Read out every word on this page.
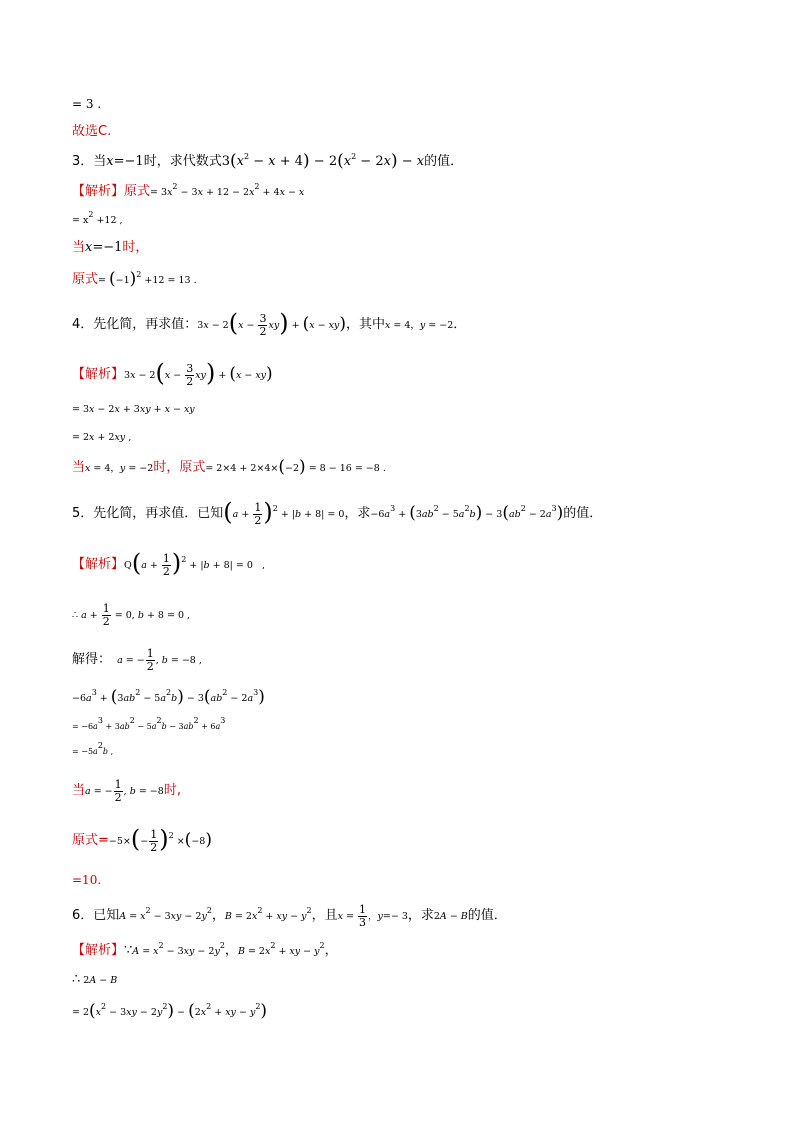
= 3 .
故选C.
3．当x=−1时，求代数式$3(x^2 - x + 4) - 2(x^2 - 2x) - x$的值．
【解析】原式= $3x^2 - 3x + 12 - 2x^2 + 4x - x$
= $x^2 +12$ ,
当x=−1时，
原式= $(-1)^2 +12 = 13$ .
4．先化简，再求值：$3x - 2(x - \frac{3}{2} xy) + (x - xy)$，其中x = 4，y = −2．
【解析】$3x - 2(x - \frac{3}{2} xy) + (x - xy)$
= 3x − 2x + 3xy + x − xy
= 2x + 2xy ,
当x = 4，y = −2时，原式= 2×4 + 2×4×(−2) = 8 − 16 = −8 .
5．先化简，再求值．已知$(a + \frac{1}{2} )^2 + |b + 8| = 0$，求$-6a^3 + (3ab^2 - 5a^2b) - 3(ab^2 - 2a^3)$的值．
【解析】$Q(a + \frac{1}{2} )^2 + |b + 8| = 0$   ,
∴ $a + \frac{1}{2} = 0$, b + 8 = 0 ,
解得： a = − $\frac{1}{2}$ , b = −8 ,
$-6a^3 + (3ab^2 - 5a^2b) - 3(ab^2 - 2a^3)$
= $-6a^3 + 3ab^2 - 5a^2b - 3ab^2 + 6a^3$
= $-5a^2b$ ,
当a = − $\frac{1}{2}$ , b = −8时,
原式$=-5\times(- \frac{1}{2} )^2 \times(-8)$
=10.
6．已知$A = x^2 - 3xy - 2y^2$，$B = 2x^2$ + xy − $y^2$，且$x = \frac{1}{3}$ ，y=− 3，求2A − B的值．
【解析】∵A = $x^2 - 3xy - 2y^2$，$B = 2x^2$ + xy − $y^2$，
∴ 2A − B
= $2(x^2 - 3xy - 2y^2) - (2x^2$ + xy − $y^2$)
